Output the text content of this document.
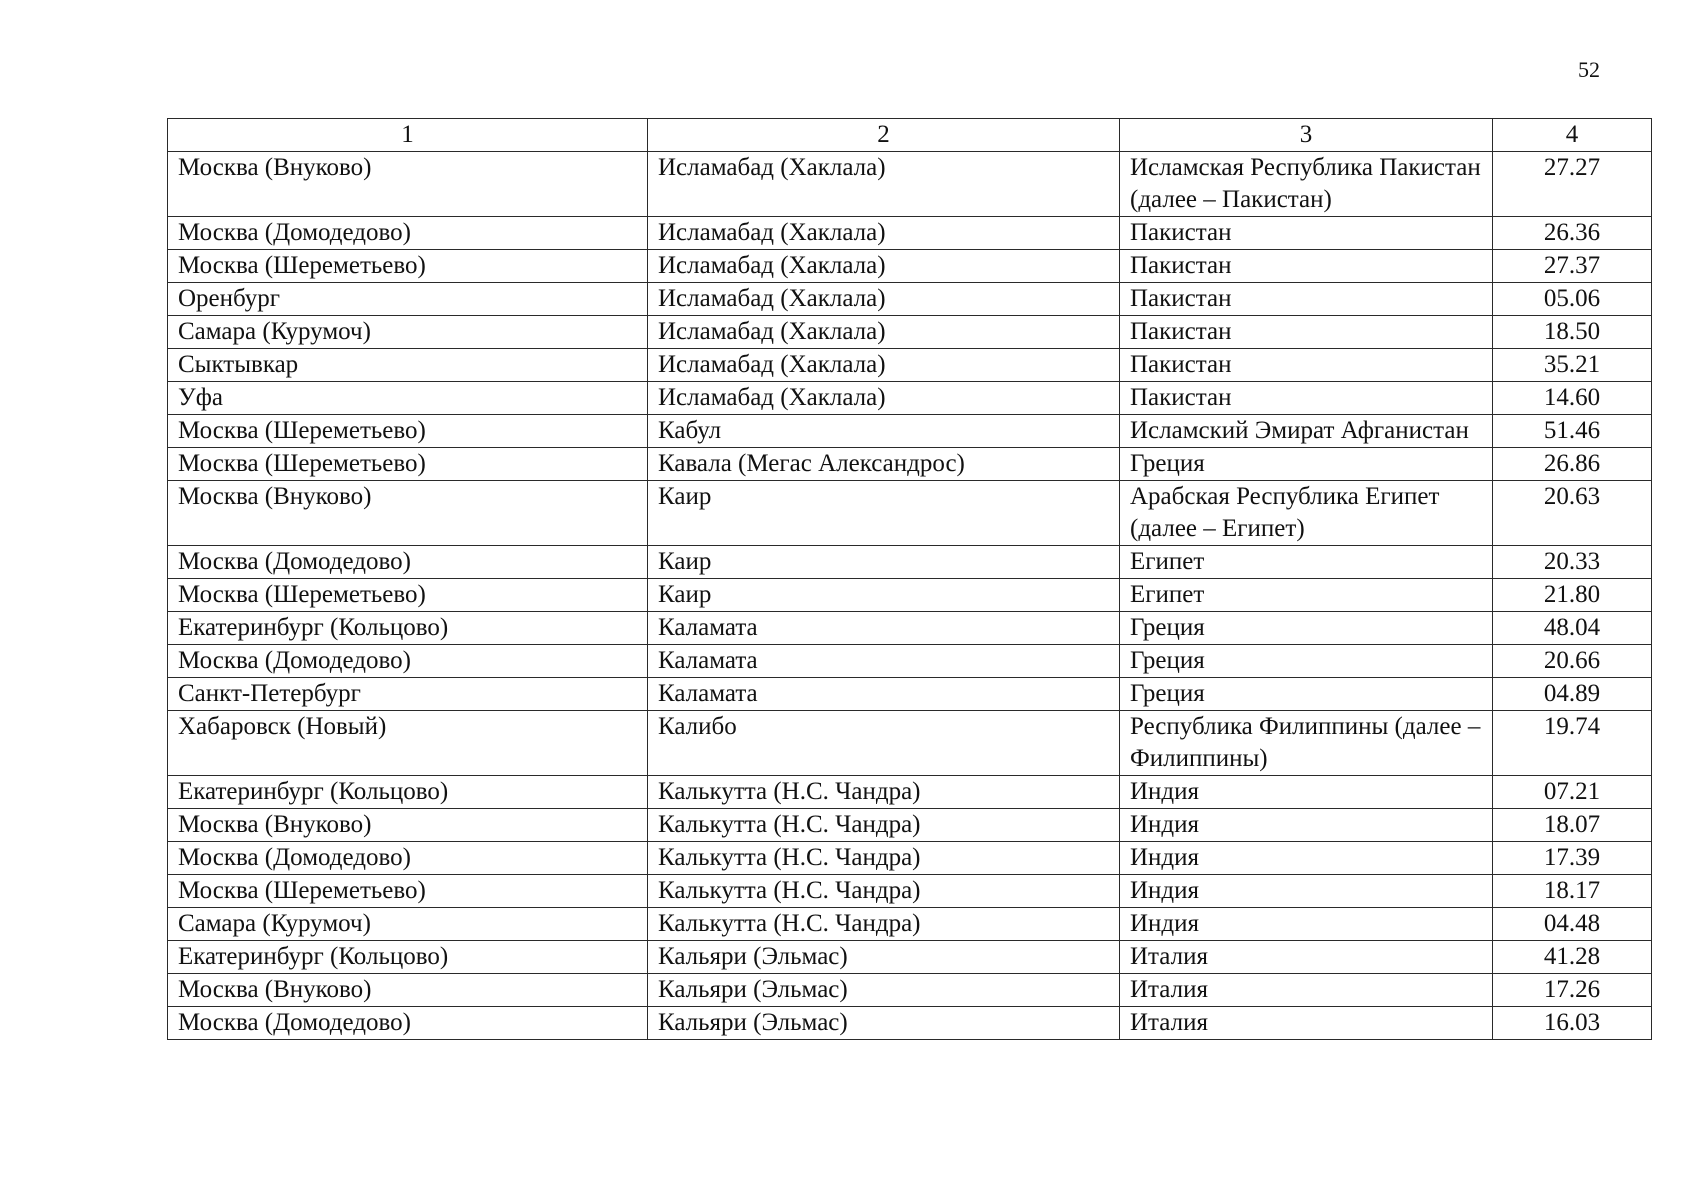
52
1	2	3	4
Москва (Внуково)	Исламабад (Хаклала)	Исламская Республика Пакистан (далее – Пакистан)	27.27
Москва (Домодедово)	Исламабад (Хаклала)	Пакистан	26.36
Москва (Шереметьево)	Исламабад (Хаклала)	Пакистан	27.37
Оренбург	Исламабад (Хаклала)	Пакистан	05.06
Самара (Курумоч)	Исламабад (Хаклала)	Пакистан	18.50
Сыктывкар	Исламабад (Хаклала)	Пакистан	35.21
Уфа	Исламабад (Хаклала)	Пакистан	14.60
Москва (Шереметьево)	Кабул	Исламский Эмират Афганистан	51.46
Москва (Шереметьево)	Кавала (Мегас Александрос)	Греция	26.86
Москва (Внуково)	Каир	Арабская Республика Египет (далее – Египет)	20.63
Москва (Домодедово)	Каир	Египет	20.33
Москва (Шереметьево)	Каир	Египет	21.80
Екатеринбург (Кольцово)	Каламата	Греция	48.04
Москва (Домодедово)	Каламата	Греция	20.66
Санкт-Петербург	Каламата	Греция	04.89
Хабаровск (Новый)	Калибо	Республика Филиппины (далее – Филиппины)	19.74
Екатеринбург (Кольцово)	Калькутта (Н.С. Чандра)	Индия	07.21
Москва (Внуково)	Калькутта (Н.С. Чандра)	Индия	18.07
Москва (Домодедово)	Калькутта (Н.С. Чандра)	Индия	17.39
Москва (Шереметьево)	Калькутта (Н.С. Чандра)	Индия	18.17
Самара (Курумоч)	Калькутта (Н.С. Чандра)	Индия	04.48
Екатеринбург (Кольцово)	Кальяри (Эльмас)	Италия	41.28
Москва (Внуково)	Кальяри (Эльмас)	Италия	17.26
Москва (Домодедово)	Кальяри (Эльмас)	Италия	16.03
